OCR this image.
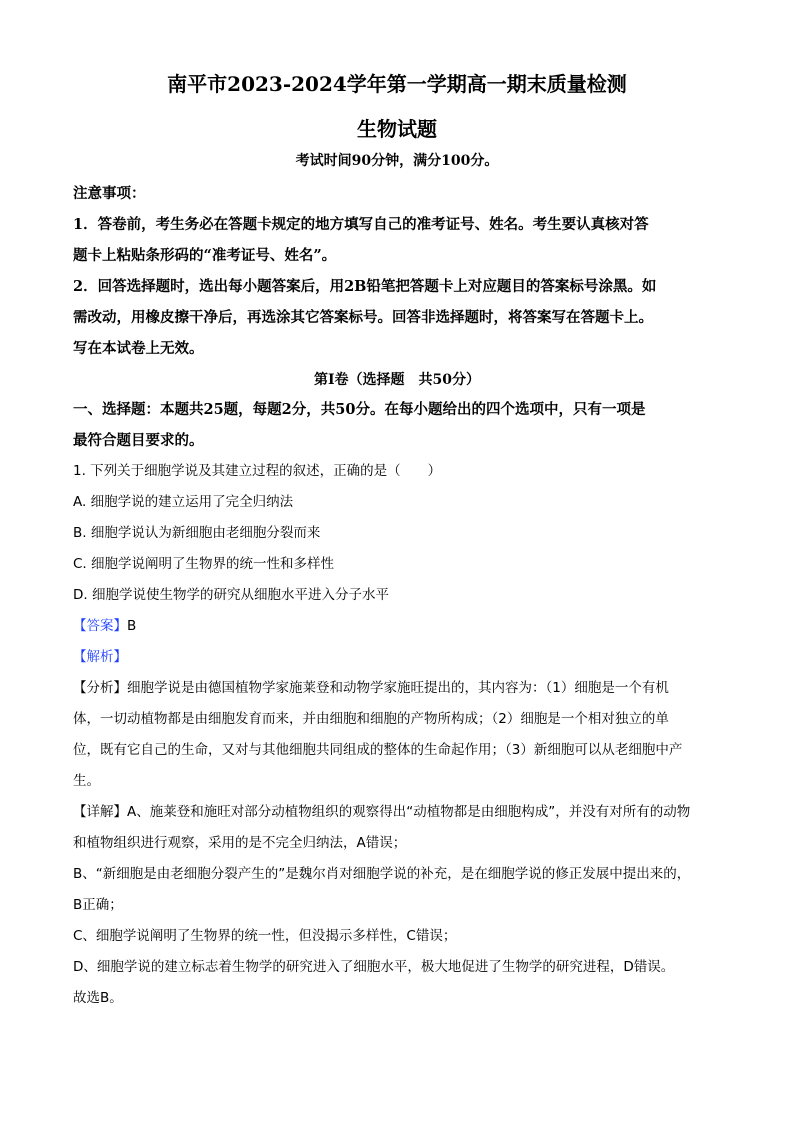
南平市2023-2024学年第一学期高一期末质量检测
生物试题
考试时间90分钟，满分100分。
注意事项：
1．答卷前，考生务必在答题卡规定的地方填写自己的准考证号、姓名。考生要认真核对答
题卡上粘贴条形码的“准考证号、姓名”。
2．回答选择题时，选出每小题答案后，用2B铅笔把答题卡上对应题目的答案标号涂黑。如
需改动，用橡皮擦干净后，再选涂其它答案标号。回答非选择题时，将答案写在答题卡上。
写在本试卷上无效。
第Ⅰ卷（选择题　共50分）
一、选择题：本题共25题，每题2分，共50分。在每小题给出的四个选项中，只有一项是
最符合题目要求的。
1. 下列关于细胞学说及其建立过程的叙述，正确的是（　　）
A. 细胞学说的建立运用了完全归纳法
B. 细胞学说认为新细胞由老细胞分裂而来
C. 细胞学说阐明了生物界的统一性和多样性
D. 细胞学说使生物学的研究从细胞水平进入分子水平
【答案】B
【解析】
【分析】细胞学说是由德国植物学家施莱登和动物学家施旺提出的，其内容为：（1）细胞是一个有机
体，一切动植物都是由细胞发育而来，并由细胞和细胞的产物所构成；（2）细胞是一个相对独立的单
位，既有它自己的生命，又对与其他细胞共同组成的整体的生命起作用；（3）新细胞可以从老细胞中产
生。
【详解】A、施莱登和施旺对部分动植物组织的观察得出“动植物都是由细胞构成”，并没有对所有的动物
和植物组织进行观察，采用的是不完全归纳法，A错误；
B、“新细胞是由老细胞分裂产生的”是魏尔肖对细胞学说的补充，是在细胞学说的修正发展中提出来的，
B正确；
C、细胞学说阐明了生物界的统一性，但没揭示多样性，C错误；
D、细胞学说的建立标志着生物学的研究进入了细胞水平，极大地促进了生物学的研究进程，D错误。
故选B。
